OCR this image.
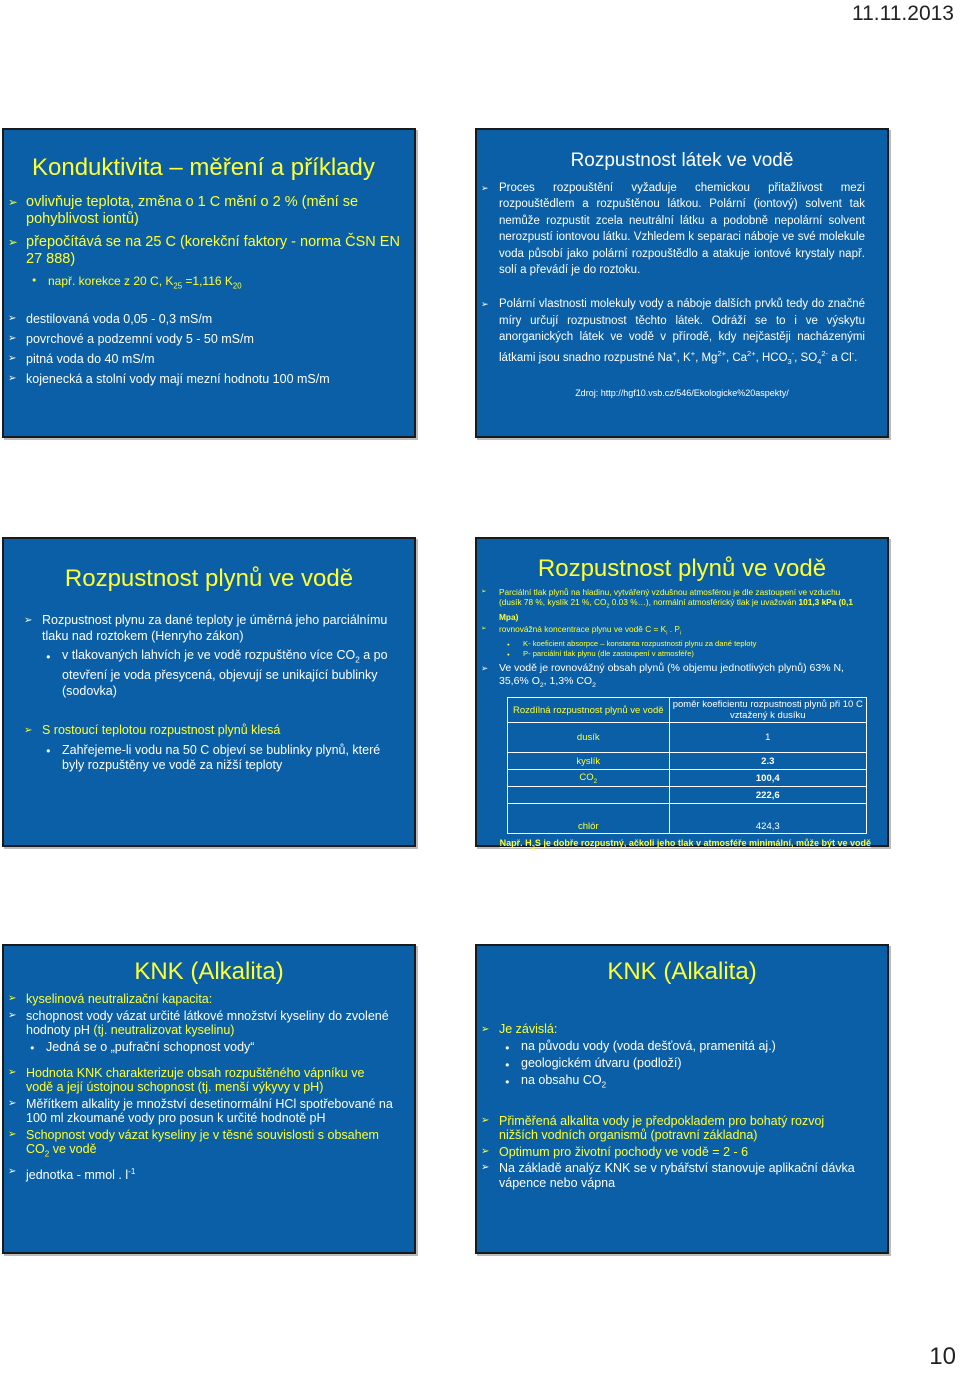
11.11.2013
Konduktivita – měření a příklady
➢ ovlivňuje teplota, změna o 1 C mění o 2 % (mění se pohyblivost iontů)
➢ přepočítává se na 25 C (korekční faktory - norma ČSN EN 27 888)
● např. korekce z 20 C, $K_{25} =1,116$ $K_{20}$
➢ destilovaná voda 0,05 - 0,3 mS/m
➢ povrchové a podzemní vody 5 - 50 mS/m
➢ pitná voda do 40 mS/m
➢ kojenecká a stolní vody mají mezní hodnotu 100 mS/m
Rozpustnost látek ve vodě
➢ Proces rozpouštění vyžaduje chemickou přitažlivost mezi rozpouštědlem a rozpuštěnou látkou. Polární (iontový) solvent tak nemůže rozpustit zcela neutrální látku a podobně nepolární solvent nerozpustí iontovou látku. Vzhledem k separaci náboje ve své molekule voda působí jako polární rozpouštědlo a atakuje iontové krystaly např. solí a převádí je do roztoku.
➢ Polární vlastnosti molekuly vody a náboje dalších prvků tedy do značné míry určují rozpustnost těchto látek. Odráží se to i ve výskytu anorganických látek ve vodě v přírodě, kdy nejčastěji nacházenými látkami jsou snadno rozpustné Na+, K+, $Mg^{2+}$, $Ca^{2+}$, $HCO_3^-$, $SO_4^{2-}$ a Cl-.
Zdroj: http://hgf10.vsb.cz/546/Ekologicke%20aspekty/
Rozpustnost plynů ve vodě
➢ Rozpustnost plynu za dané teploty je úměrná jeho parciálnímu tlaku nad roztokem (Henryho zákon)
● v tlakovaných lahvích je ve vodě rozpuštěno více $CO_2$ a po otevření je voda přesycená, objevují se unikající bublinky (sodovka)
➢ S rostoucí teplotou rozpustnost plynů klesá
● Zahřejeme-li vodu na 50 C objeví se bublinky plynů, které byly rozpuštěny ve vodě za nižší teploty
Rozpustnost plynů ve vodě
➢ Parciální tlak plynů na hladinu, vytvářený vzdušnou atmosférou je dle zastoupení ve vzduchu (dusík 78 %, kyslík 21 %, $CO_2$ 0.03 %…), normální atmosférický tlak je uvažován 101,3 kPa (0,1 Mpa)
➢ rovnovážná koncentrace plynu ve vodě $C = K_i$ . $P_i$
● K- koeficient absorpce – konstanta rozpustnosti plynu za dané teploty
● P- parciální tlak plynu (dle zastoupení v atmosféře)
➢ Ve vodě je rovnovážný obsah plynů (% objemu jednotlivých plynů) 63% N, 35,6% $O_2$, 1,3% $CO_2$
Rozdílná rozpustnost plynů ve vodě	poměr koeficientu rozpustnosti plynů při 10 C vztažený k dusíku
dusík	1
kyslík	2.3
$CO_2$	100,4
	222,6
chlór	424,3
Např. $H_2S$ je dobře rozpustný, ačkoli jeho tlak v atmosféře minimální, může být ve vodě
KNK (Alkalita)
➢ kyselinová neutralizační kapacita:
➢ schopnost vody vázat určité látkové množství kyseliny do zvolené hodnoty pH (tj. neutralizovat kyselinu)
● Jedná se o „pufrační schopnost vody“
➢ Hodnota KNK charakterizuje obsah rozpuštěného vápníku ve vodě a její ústojnou schopnost (tj. menší výkyvy v pH)
➢ Měřítkem alkality je množství desetinormální HCl spotřebované na 100 ml zkoumané vody pro posun k určité hodnotě pH
➢ Schopnost vody vázat kyseliny je v těsné souvislosti s obsahem $CO_2$ ve vodě
➢ jednotka - mmol . $l^{-1}$
KNK (Alkalita)
➢ Je závislá:
● na původu vody (voda dešťová, pramenitá aj.)
● geologickém útvaru (podloží)
● na obsahu $CO_2$
➢ Přiměřená alkalita vody je předpokladem pro bohatý rozvoj nižších vodních organismů (potravní základna)
➢ Optimum pro životní pochody ve vodě = 2 - 6
➢ Na základě analýz KNK se v rybářství stanovuje aplikační dávka vápence nebo vápna
10
